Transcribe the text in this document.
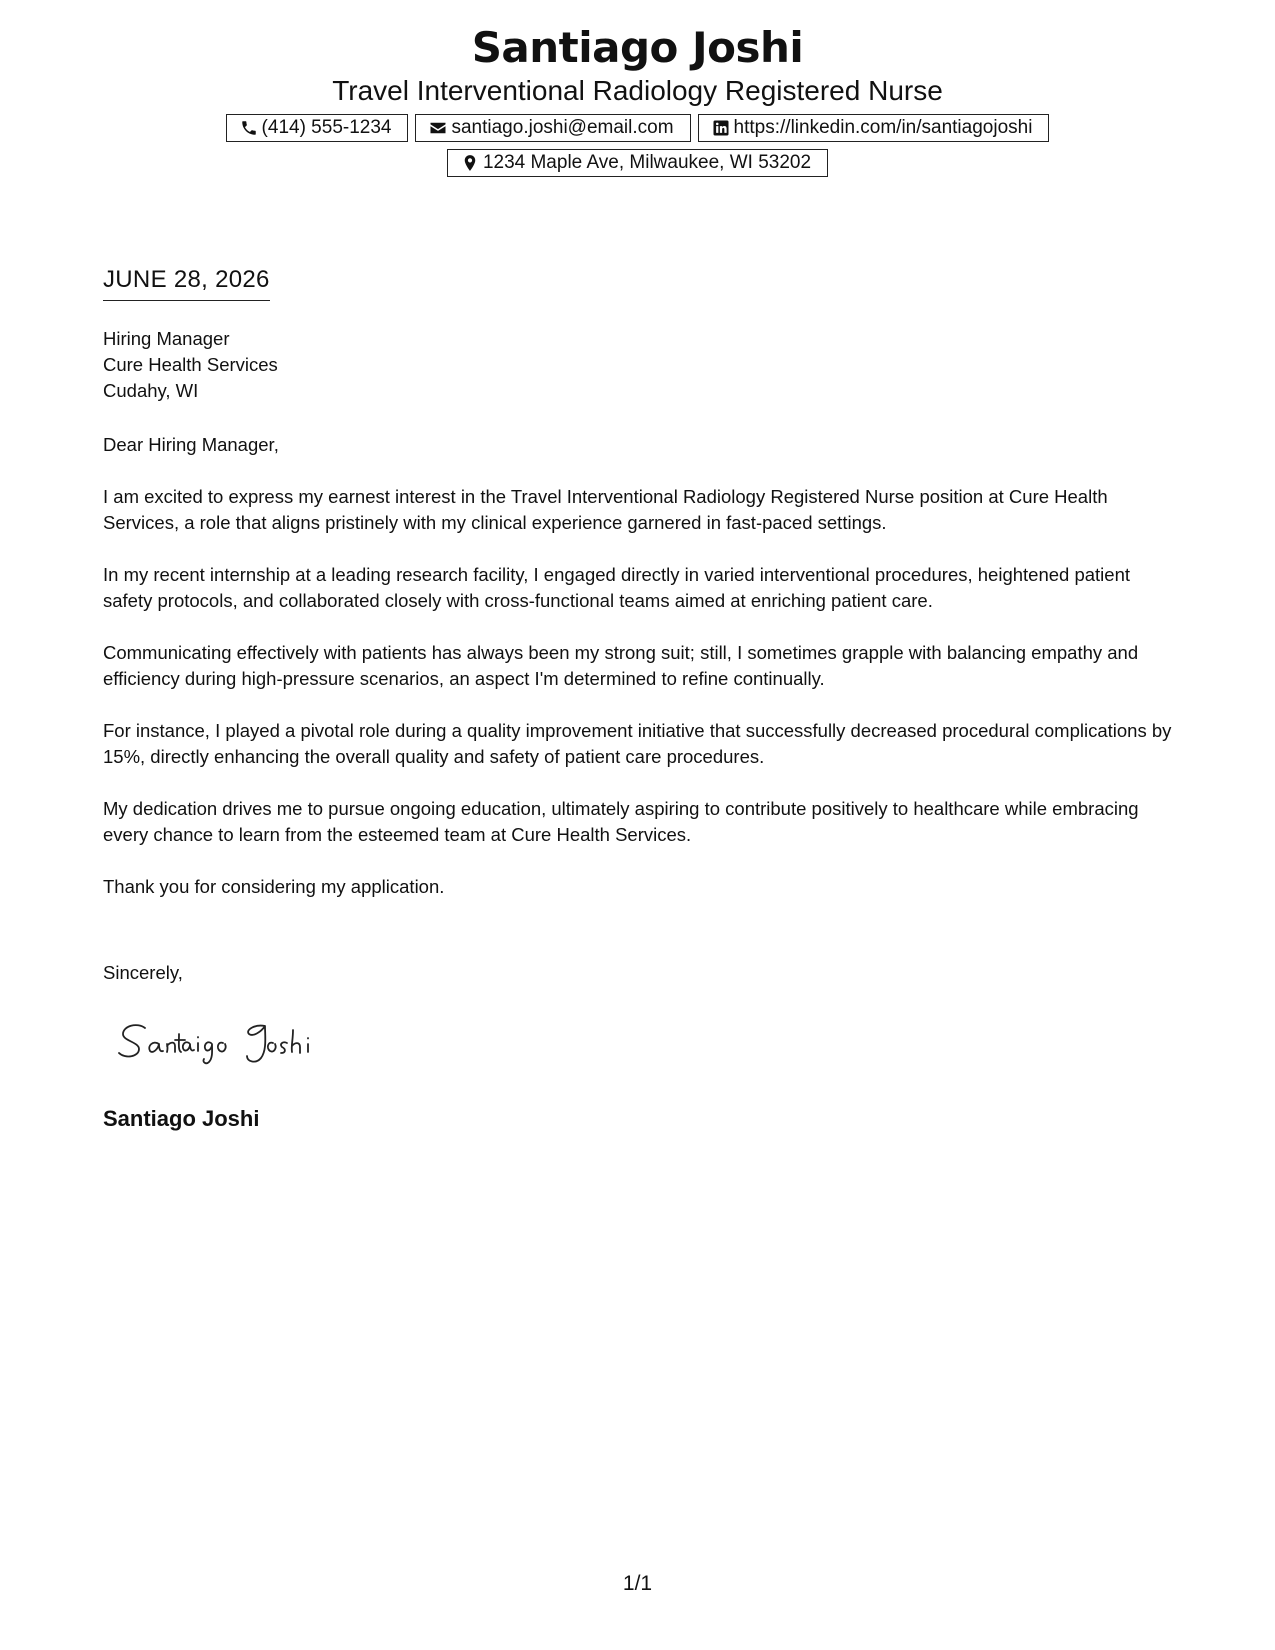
Santiago Joshi
Travel Interventional Radiology Registered Nurse
(414) 555-1234	santiago.joshi@email.com	https://linkedin.com/in/santiagojoshi
1234 Maple Ave, Milwaukee, WI 53202
JUNE 28, 2026
Hiring Manager
Cure Health Services
Cudahy, WI

Dear Hiring Manager,

I am excited to express my earnest interest in the Travel Interventional Radiology Registered Nurse position at Cure Health Services, a role that aligns pristinely with my clinical experience garnered in fast-paced settings.

In my recent internship at a leading research facility, I engaged directly in varied interventional procedures, heightened patient safety protocols, and collaborated closely with cross-functional teams aimed at enriching patient care.

Communicating effectively with patients has always been my strong suit; still, I sometimes grapple with balancing empathy and efficiency during high-pressure scenarios, an aspect I'm determined to refine continually.

For instance, I played a pivotal role during a quality improvement initiative that successfully decreased procedural complications by 15%, directly enhancing the overall quality and safety of patient care procedures.

My dedication drives me to pursue ongoing education, ultimately aspiring to contribute positively to healthcare while embracing every chance to learn from the esteemed team at Cure Health Services.

Thank you for considering my application.

Sincerely,
Santiago Joshi
1/1
